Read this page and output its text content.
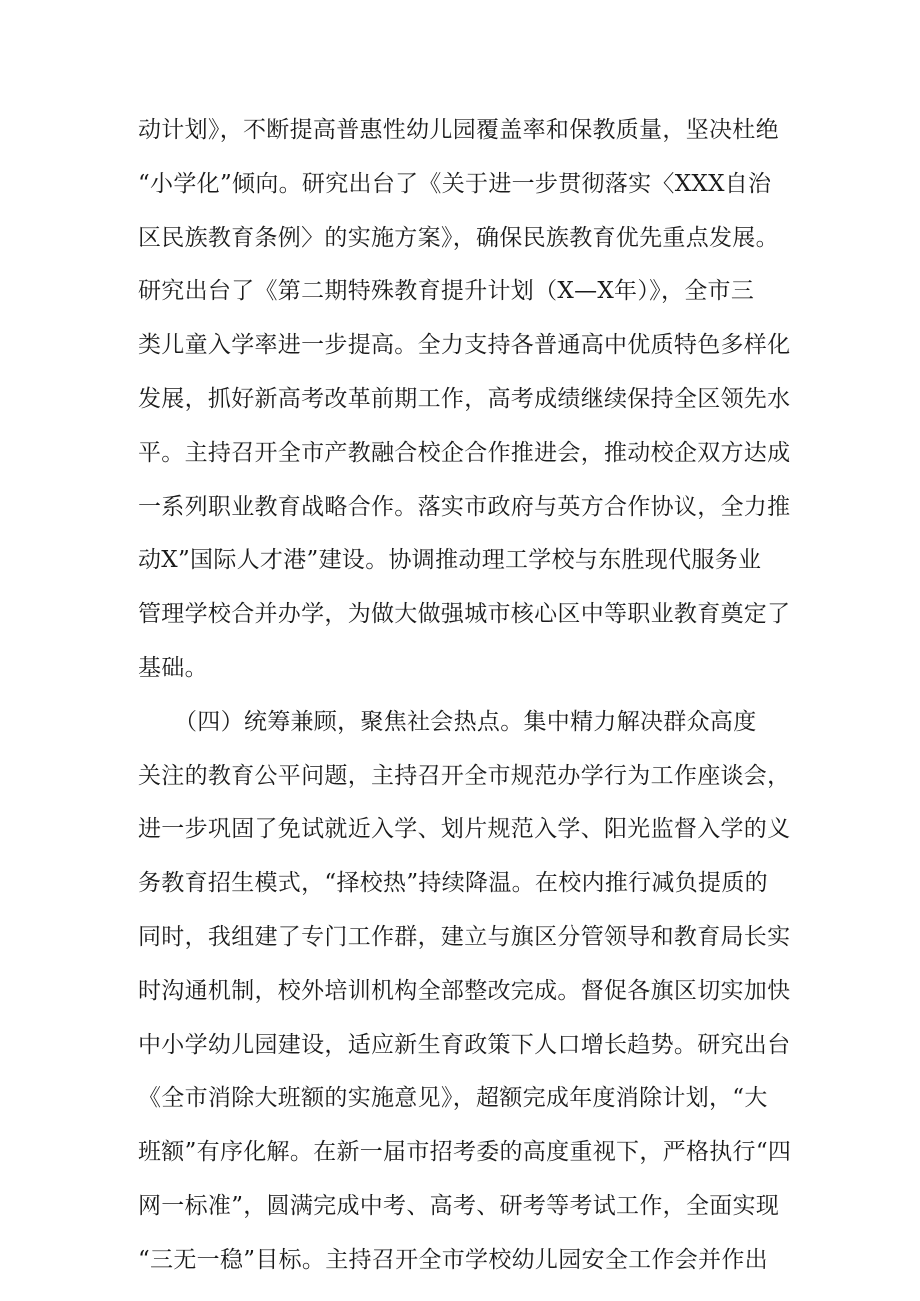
动计划》，不断提高普惠性幼儿园覆盖率和保教质量，坚决杜绝
“小学化”倾向。研究出台了《关于进一步贯彻落实〈XXX自治
区民族教育条例〉的实施方案》，确保民族教育优先重点发展。
研究出台了《第二期特殊教育提升计划（X—X年）》，全市三
类儿童入学率进一步提高。全力支持各普通高中优质特色多样化
发展，抓好新高考改革前期工作，高考成绩继续保持全区领先水
平。主持召开全市产教融合校企合作推进会，推动校企双方达成
一系列职业教育战略合作。落实市政府与英方合作协议，全力推
动X”国际人才港”建设。协调推动理工学校与东胜现代服务业
管理学校合并办学，为做大做强城市核心区中等职业教育奠定了
基础。
（四）统筹兼顾，聚焦社会热点。集中精力解决群众高度
关注的教育公平问题，主持召开全市规范办学行为工作座谈会，
进一步巩固了免试就近入学、划片规范入学、阳光监督入学的义
务教育招生模式，“择校热”持续降温。在校内推行减负提质的
同时，我组建了专门工作群，建立与旗区分管领导和教育局长实
时沟通机制，校外培训机构全部整改完成。督促各旗区切实加快
中小学幼儿园建设，适应新生育政策下人口增长趋势。研究出台
《全市消除大班额的实施意见》，超额完成年度消除计划，“大
班额”有序化解。在新一届市招考委的高度重视下，严格执行“四
网一标准”，圆满完成中考、高考、研考等考试工作，全面实现
“三无一稳”目标。主持召开全市学校幼儿园安全工作会并作出
